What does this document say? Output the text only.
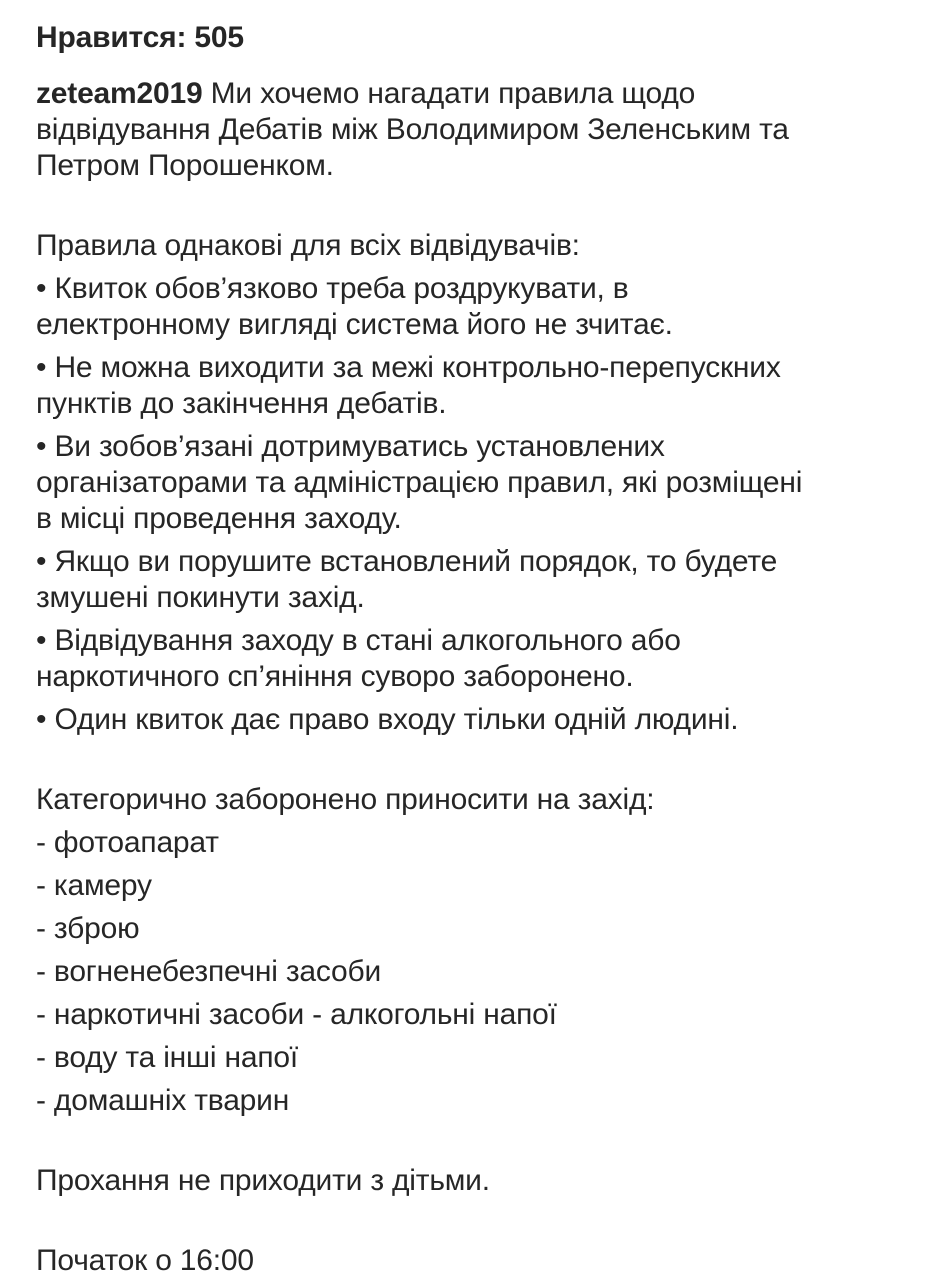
Нравится: 505

zeteam2019 Ми хочемо нагадати правила щодо

відвідування Дебатів між Володимиром Зеленським та

Петром Порошенком.

Правила однакові для всіх відвідувачів:

• Квиток обов’язково треба роздрукувати, в

електронному вигляді система його не зчитає.

• Не можна виходити за межі контрольно-перепускних

пунктів до закінчення дебатів.

• Ви зобов’язані дотримуватись установлених

організаторами та адміністрацією правил, які розміщені

в місці проведення заходу.

• Якщо ви порушите встановлений порядок, то будете

змушені покинути захід.

• Відвідування заходу в стані алкогольного або

наркотичного сп’яніння суворо заборонено.

• Один квиток дає право входу тільки одній людині.

Категорично заборонено приносити на захід:

- фотоапарат

- камеру

- зброю

- вогненебезпечні засоби

- наркотичні засоби - алкогольні напої

- воду та інші напої

- домашніх тварин

Прохання не приходити з дітьми.

Початок о 16:00
